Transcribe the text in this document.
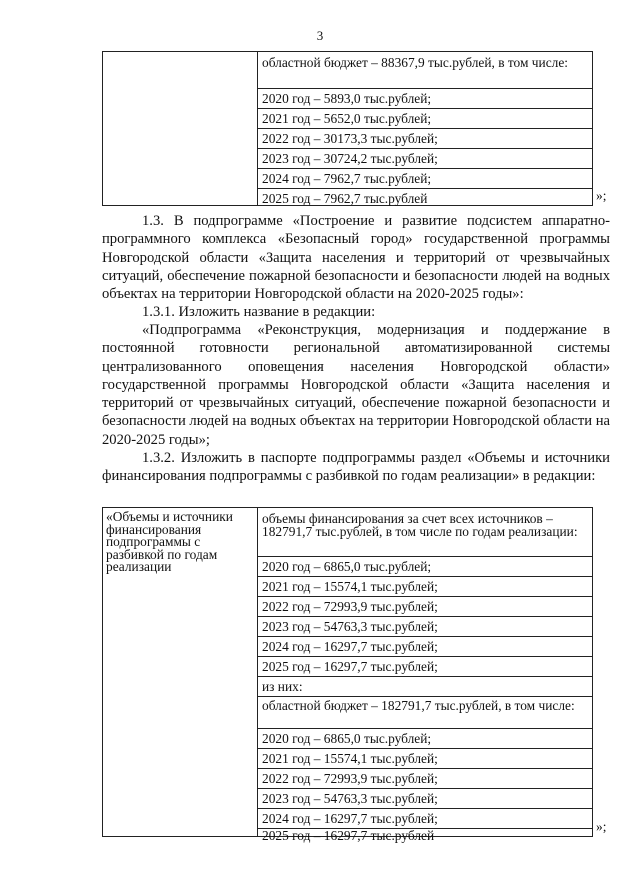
3
областной бюджет – 88367,9 тыс.рублей, в том числе:
2020 год – 5893,0 тыс.рублей;
2021 год – 5652,0 тыс.рублей;
2022 год – 30173,3 тыс.рублей;
2023 год – 30724,2 тыс.рублей;
2024 год – 7962,7 тыс.рублей;
2025 год – 7962,7 тыс.рублей	»;
1.3. В подпрограмме «Построение и развитие подсистем аппаратно-программного комплекса «Безопасный город» государственной программы Новгородской области «Защита населения и территорий от чрезвычайных ситуаций, обеспечение пожарной безопасности и безопасности людей на водных объектах на территории Новгородской области на 2020-2025 годы»:
1.3.1. Изложить название в редакции:
«Подпрограмма «Реконструкция, модернизация и поддержание в постоянной готовности региональной автоматизированной системы централизованного оповещения населения Новгородской области» государственной программы Новгородской области «Защита населения и территорий от чрезвычайных ситуаций, обеспечение пожарной безопасности и безопасности людей на водных объектах на территории Новгородской области на 2020-2025 годы»;
1.3.2. Изложить в паспорте подпрограммы раздел «Объемы и источники финансирования подпрограммы с разбивкой по годам реализации» в редакции:
«Объемы и источники финансирования подпрограммы с разбивкой по годам реализации
объемы финансирования за счет всех источников – 182791,7 тыс.рублей, в том числе по годам реализации:
2020 год – 6865,0 тыс.рублей;
2021 год – 15574,1 тыс.рублей;
2022 год – 72993,9 тыс.рублей;
2023 год – 54763,3 тыс.рублей;
2024 год – 16297,7 тыс.рублей;
2025 год – 16297,7 тыс.рублей;
из них:
областной бюджет – 182791,7 тыс.рублей, в том числе:
2020 год – 6865,0 тыс.рублей;
2021 год – 15574,1 тыс.рублей;
2022 год – 72993,9 тыс.рублей;
2023 год – 54763,3 тыс.рублей;
2024 год – 16297,7 тыс.рублей;
2025 год – 16297,7 тыс.рублей
»;
